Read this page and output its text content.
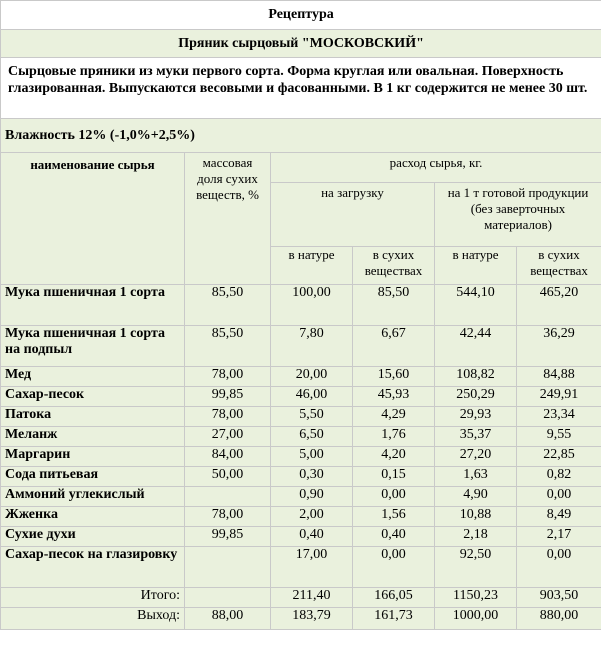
Рецептура					
Пряник сырцовый "МОСКОВСКИЙ"					
Сырцовые пряники из муки первого сорта. Форма круглая или овальная. Поверхность глазированная. Выпускаются весовыми и фасованными. В 1 кг содержится не менее 30 шт.					
Влажность 12% (-1,0%+2,5%)					
наименование сырья	массовая доля сухих веществ, %	расход сырья, кг.			
		на загрузку		на 1 т готовой продукции (без заверточных материалов)	
		в натуре	в сухих веществах	в натуре	в сухих веществах
Мука пшеничная 1 сорта	85,50	100,00	85,50	544,10	465,20
Мука пшеничная 1 сорта на подпыл	85,50	7,80	6,67	42,44	36,29
Мед	78,00	20,00	15,60	108,82	84,88
Сахар-песок	99,85	46,00	45,93	250,29	249,91
Патока	78,00	5,50	4,29	29,93	23,34
Меланж	27,00	6,50	1,76	35,37	9,55
Маргарин	84,00	5,00	4,20	27,20	22,85
Сода питьевая	50,00	0,30	0,15	1,63	0,82
Аммоний углекислый		0,90	0,00	4,90	0,00
Жженка	78,00	2,00	1,56	10,88	8,49
Сухие духи	99,85	0,40	0,40	2,18	2,17
Сахар-песок на глазировку		17,00	0,00	92,50	0,00
Итого:		211,40	166,05	1150,23	903,50
Выход:	88,00	183,79	161,73	1000,00	880,00
